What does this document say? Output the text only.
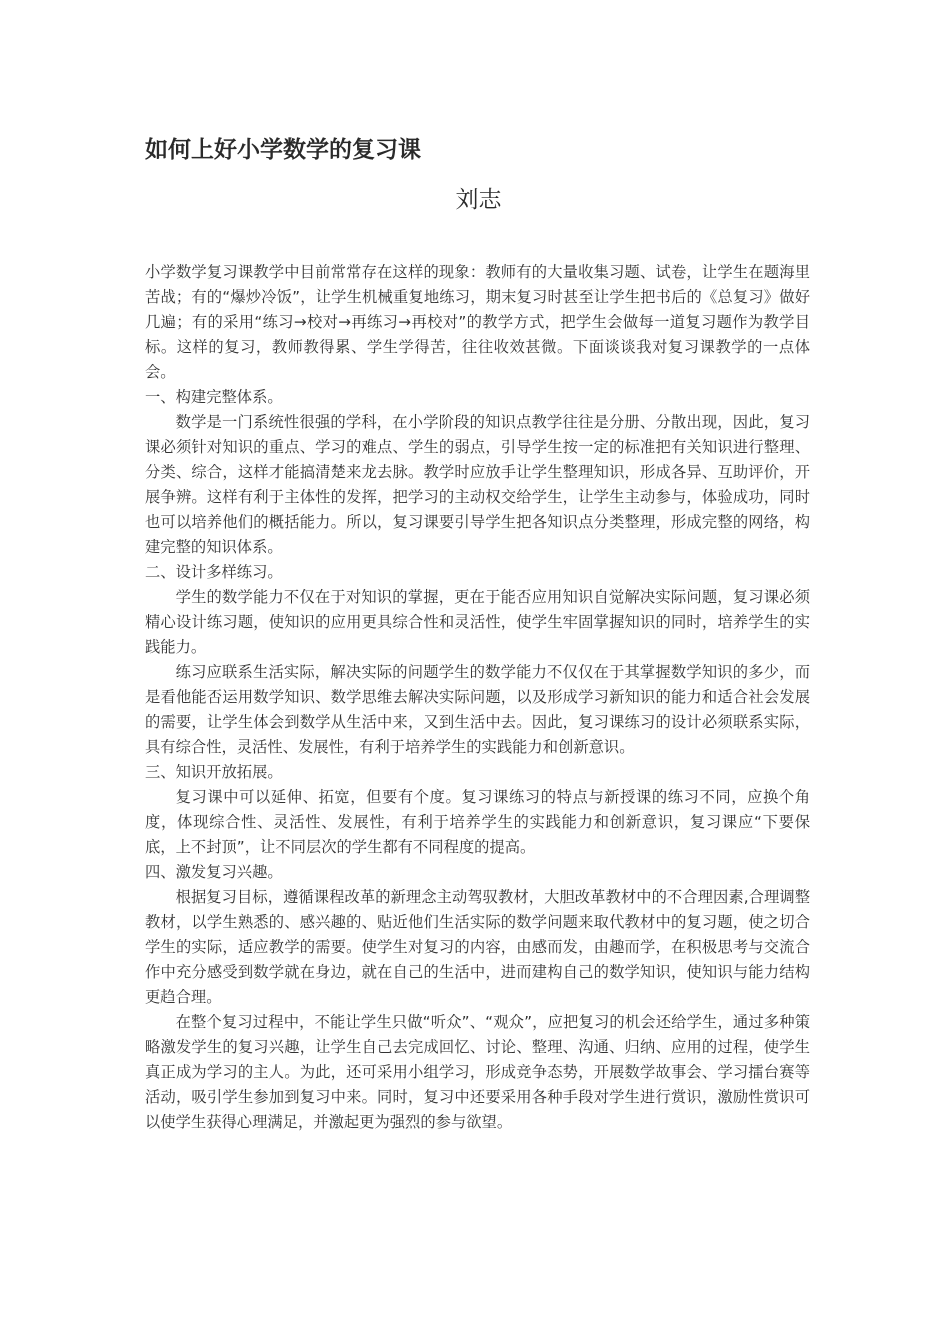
如何上好小学数学的复习课
刘志

小学数学复习课教学中目前常常存在这样的现象：教师有的大量收集习题、试卷，让学生在题海里苦战；有的“爆炒冷饭”，让学生机械重复地练习，期末复习时甚至让学生把书后的《总复习》做好几遍；有的采用“练习→校对→再练习→再校对”的教学方式，把学生会做每一道复习题作为教学目标。这样的复习，教师教得累、学生学得苦，往往收效甚微。下面谈谈我对复习课教学的一点体会。

一、构建完整体系。

数学是一门系统性很强的学科，在小学阶段的知识点教学往往是分册、分散出现，因此，复习课必须针对知识的重点、学习的难点、学生的弱点，引导学生按一定的标准把有关知识进行整理、分类、综合，这样才能搞清楚来龙去脉。教学时应放手让学生整理知识，形成各异、互助评价，开展争辨。这样有利于主体性的发挥，把学习的主动权交给学生，让学生主动参与，体验成功，同时也可以培养他们的概括能力。所以，复习课要引导学生把各知识点分类整理，形成完整的网络，构建完整的知识体系。

二、设计多样练习。

学生的数学能力不仅在于对知识的掌握，更在于能否应用知识自觉解决实际问题，复习课必须精心设计练习题，使知识的应用更具综合性和灵活性，使学生牢固掌握知识的同时，培养学生的实践能力。

练习应联系生活实际，解决实际的问题学生的数学能力不仅仅在于其掌握数学知识的多少，而是看他能否运用数学知识、数学思维去解决实际问题，以及形成学习新知识的能力和适合社会发展的需要，让学生体会到数学从生活中来，又到生活中去。因此，复习课练习的设计必须联系实际，具有综合性，灵活性、发展性，有利于培养学生的实践能力和创新意识。

三、知识开放拓展。

复习课中可以延伸、拓宽，但要有个度。复习课练习的特点与新授课的练习不同，应换个角度，体现综合性、灵活性、发展性，有利于培养学生的实践能力和创新意识，复习课应“下要保底，上不封顶”，让不同层次的学生都有不同程度的提高。

四、激发复习兴趣。

根据复习目标，遵循课程改革的新理念主动驾驭教材，大胆改革教材中的不合理因素,合理调整教材，以学生熟悉的、感兴趣的、贴近他们生活实际的数学问题来取代教材中的复习题，使之切合学生的实际，适应教学的需要。使学生对复习的内容，由感而发，由趣而学，在积极思考与交流合作中充分感受到数学就在身边，就在自己的生活中，进而建构自己的数学知识，使知识与能力结构更趋合理。

在整个复习过程中，不能让学生只做“听众”、“观众”，应把复习的机会还给学生，通过多种策略激发学生的复习兴趣，让学生自己去完成回忆、讨论、整理、沟通、归纳、应用的过程，使学生真正成为学习的主人。为此，还可采用小组学习，形成竞争态势，开展数学故事会、学习擂台赛等活动，吸引学生参加到复习中来。同时，复习中还要采用各种手段对学生进行赏识，激励性赏识可以使学生获得心理满足，并激起更为强烈的参与欲望。
